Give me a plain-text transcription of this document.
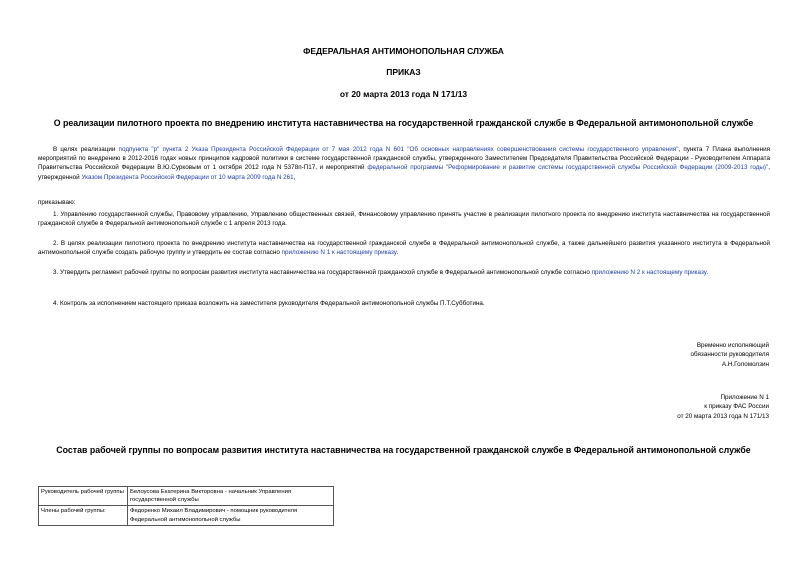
ФЕДЕРАЛЬНАЯ АНТИМОНОПОЛЬНАЯ СЛУЖБА
ПРИКАЗ
от 20 марта 2013 года N 171/13
О реализации пилотного проекта по внедрению института наставничества на государственной гражданской службе в Федеральной антимонопольной службе
В целях реализации подпункта "р" пункта 2 Указа Президента Российской Федерации от 7 мая 2012 года N 601 "Об основных направлениях совершенствования системы государственного управления", пункта 7 Плана выполнения мероприятий по внедрению в 2012-2016 годах новых принципов кадровой политики в системе государственной гражданской службы, утвержденного Заместителем Председателя Правительства Российской Федерации - Руководителем Аппарата Правительства Российской Федерации В.Ю.Сурковым от 1 октября 2012 года N 5378п-П17, и мероприятий федеральной программы "Реформирование и развитие системы государственной службы Российской Федерации (2009-2013 годы)", утвержденной Указом Президента Российской Федерации от 10 марта 2009 года N 261,
приказываю:
1. Управлению государственной службы, Правовому управлению, Управлению общественных связей, Финансовому управлению принять участие в реализации пилотного проекта по внедрению института наставничества на государственной гражданской службе в Федеральной антимонопольной службе с 1 апреля 2013 года.
2. В целях реализации пилотного проекта по внедрению института наставничества на государственной гражданской службе в Федеральной антимонопольной службе, а также дальнейшего развития указанного института в Федеральной антимонопольной службе создать рабочую группу и утвердить ее состав согласно приложению N 1 к настоящему приказу.
3. Утвердить регламент рабочей группы по вопросам развития института наставничества на государственной гражданской службе в Федеральной антимонопольной службе согласно приложению N 2 к настоящему приказу.
4. Контроль за исполнением настоящего приказа возложить на заместителя руководителя Федеральной антимонопольной службы П.Т.Субботина.
Временно исполняющий
обязанности руководителя
А.Н.Голомолзин
Приложение N 1
к приказу ФАС России
от 20 марта 2013 года N 171/13
Состав рабочей группы по вопросам развития института наставничества на государственной гражданской службе в Федеральной антимонопольной службе
Руководитель рабочей группы	Белоусова Екатерина Викторовна - начальник Управления государственной службы
Члены рабочей группы:	Федоренко Михаил Владимирович - помощник руководителя Федеральной антимонопольной службы
